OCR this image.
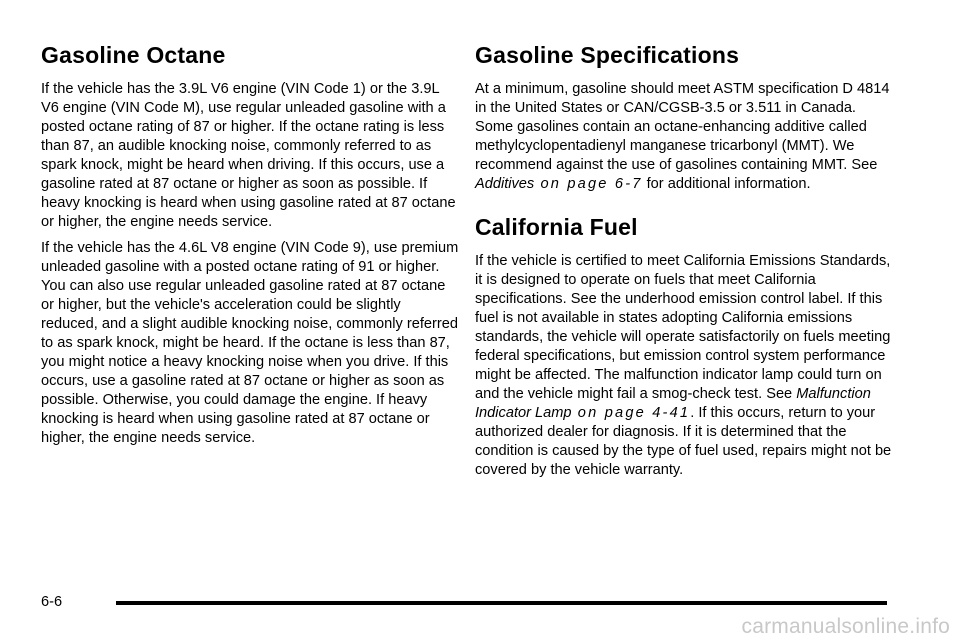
Gasoline Octane

If the vehicle has the 3.9L V6 engine (VIN Code 1) or the 3.9L V6 engine (VIN Code M), use regular unleaded gasoline with a posted octane rating of 87 or higher. If the octane rating is less than 87, an audible knocking noise, commonly referred to as spark knock, might be heard when driving. If this occurs, use a gasoline rated at 87 octane or higher as soon as possible. If heavy knocking is heard when using gasoline rated at 87 octane or higher, the engine needs service.

If the vehicle has the 4.6L V8 engine (VIN Code 9), use premium unleaded gasoline with a posted octane rating of 91 or higher. You can also use regular unleaded gasoline rated at 87 octane or higher, but the vehicle's acceleration could be slightly reduced, and a slight audible knocking noise, commonly referred to as spark knock, might be heard. If the octane is less than 87, you might notice a heavy knocking noise when you drive. If this occurs, use a gasoline rated at 87 octane or higher as soon as possible. Otherwise, you could damage the engine. If heavy knocking is heard when using gasoline rated at 87 octane or higher, the engine needs service.

Gasoline Specifications

At a minimum, gasoline should meet ASTM specification D 4814 in the United States or CAN/CGSB-3.5 or 3.511 in Canada. Some gasolines contain an octane-enhancing additive called methylcyclopentadienyl manganese tricarbonyl (MMT). We recommend against the use of gasolines containing MMT. See Additives on page 6-7 for additional information.

California Fuel

If the vehicle is certified to meet California Emissions Standards, it is designed to operate on fuels that meet California specifications. See the underhood emission control label. If this fuel is not available in states adopting California emissions standards, the vehicle will operate satisfactorily on fuels meeting federal specifications, but emission control system performance might be affected. The malfunction indicator lamp could turn on and the vehicle might fail a smog-check test. See Malfunction Indicator Lamp on page 4-41. If this occurs, return to your authorized dealer for diagnosis. If it is determined that the condition is caused by the type of fuel used, repairs might not be covered by the vehicle warranty.

6-6
carmanualsonline.info
